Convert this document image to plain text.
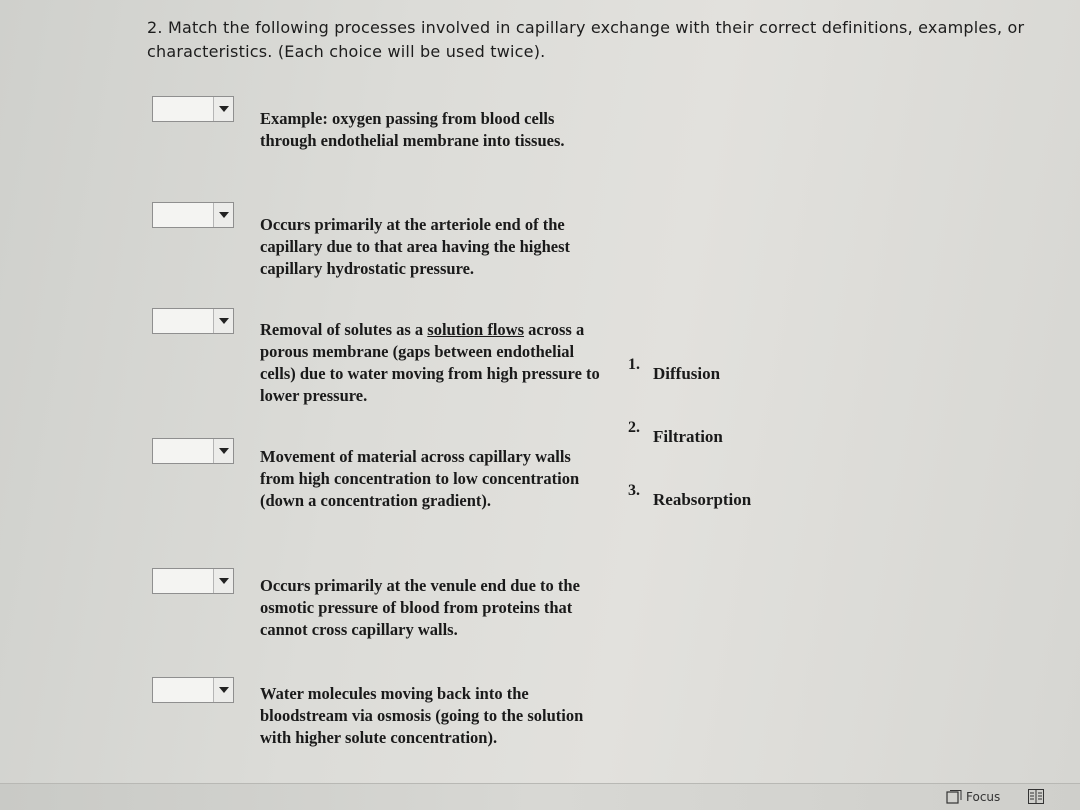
2. Match the following processes involved in capillary exchange with their correct definitions, examples, or characteristics. (Each choice will be used twice).
Example: oxygen passing from blood cells through endothelial membrane into tissues.
Occurs primarily at the arteriole end of the capillary due to that area having the highest capillary hydrostatic pressure.
Removal of solutes as a solution flows across a porous membrane (gaps between endothelial cells) due to water moving from high pressure to lower pressure.
Movement of material across capillary walls from high concentration to low concentration (down a concentration gradient).
Occurs primarily at the venule end due to the osmotic pressure of blood from proteins that cannot cross capillary walls.
Water molecules moving back into the bloodstream via osmosis (going to the solution with higher solute concentration).
1. Diffusion
2. Filtration
3. Reabsorption
Focus
